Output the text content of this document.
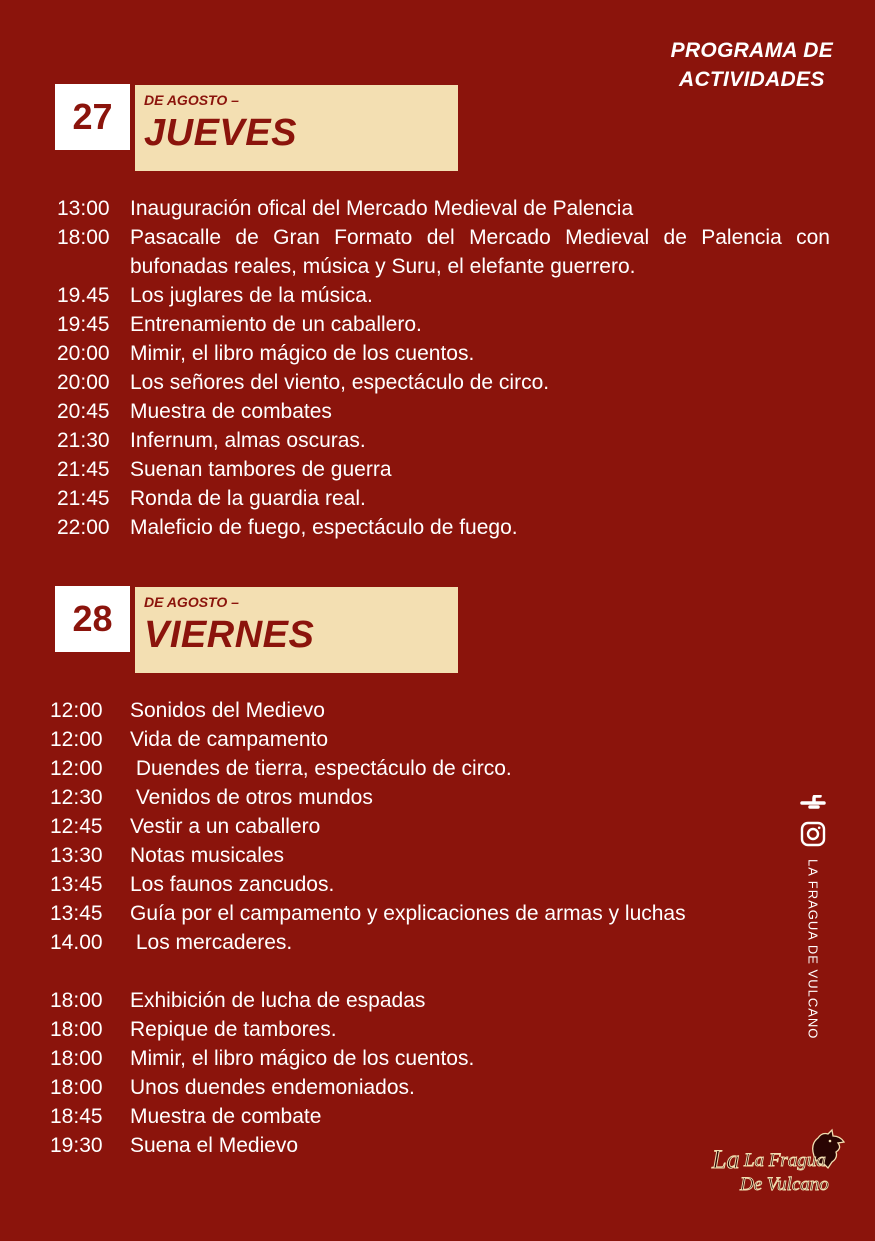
PROGRAMA DE
ACTIVIDADES
27	DE AGOSTO –
JUEVES
13:00 Inauguración ofical del Mercado Medieval de Palencia
18:00 Pasacalle de Gran Formato del Mercado Medieval de Palencia con bufonadas reales, música y Suru, el elefante guerrero.
19.45 Los juglares de la música.
19:45 Entrenamiento de un caballero.
20:00 Mimir, el libro mágico de los cuentos.
20:00 Los señores del viento, espectáculo de circo.
20:45 Muestra de combates
21:30 Infernum, almas oscuras.
21:45 Suenan tambores de guerra
21:45 Ronda de la guardia real.
22:00 Maleficio de fuego, espectáculo de fuego.
28	DE AGOSTO –
VIERNES
12:00	Sonidos del Medievo
12:00	Vida de campamento
12:00	Duendes de tierra, espectáculo de circo.
12:30	Venidos de otros mundos
12:45	Vestir a un caballero
13:30	Notas musicales
13:45	Los faunos zancudos.
13:45	Guía por el campamento y explicaciones de armas y luchas
14.00	Los mercaderes.
18:00	Exhibición de lucha de espadas
18:00	Repique de tambores.
18:00	Mimir, el libro mágico de los cuentos.
18:00	Unos duendes endemoniados.
18:45	Muestra de combate
19:30	Suena el Medievo
LA FRAGUA DE VULCANO
La La Fragua
De Vulcano
